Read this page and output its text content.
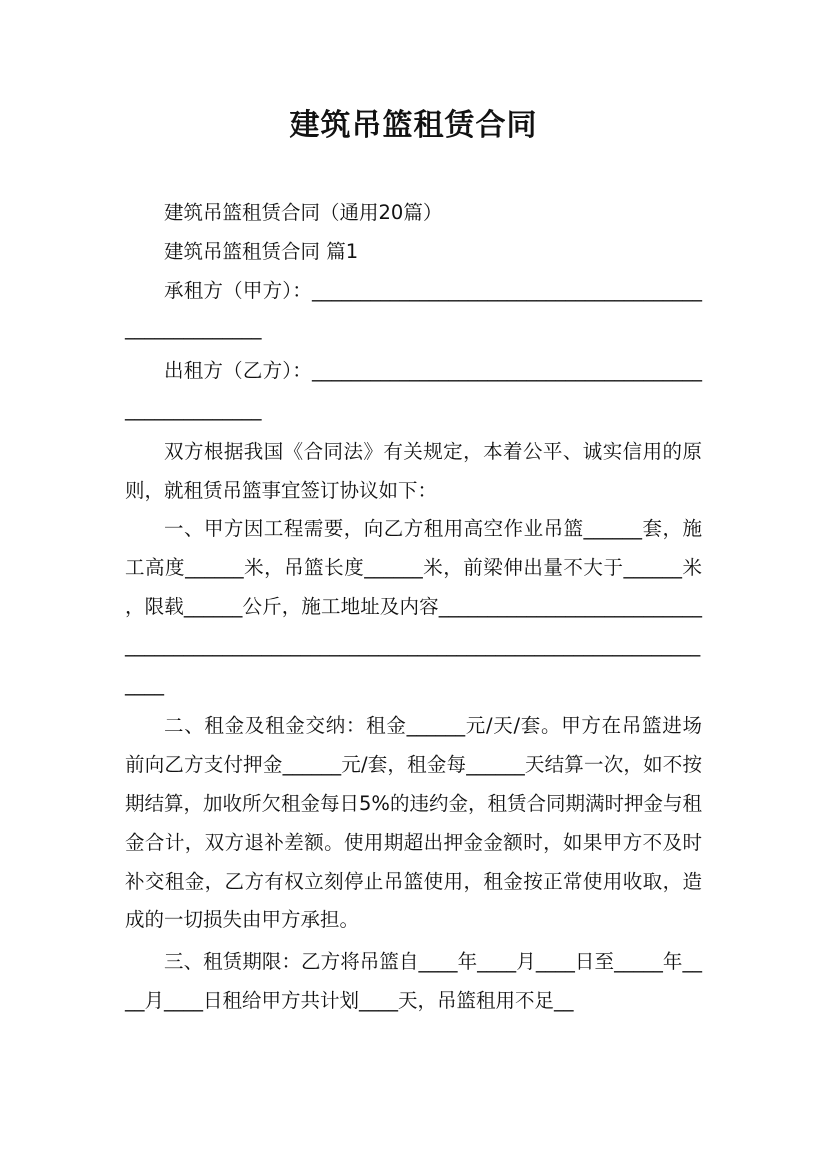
建筑吊篮租赁合同

建筑吊篮租赁合同（通用20篇）

建筑吊篮租赁合同 篇1

承租方（甲方）：______________________________________________________

出租方（乙方）：______________________________________________________

双方根据我国《合同法》有关规定，本着公平、诚实信用的原则，就租赁吊篮事宜签订协议如下：

一、甲方因工程需要，向乙方租用高空作业吊篮______套，施工高度______米，吊篮长度______米，前梁伸出量不大于______米，限载______公斤，施工地址及内容__________________________________________________________________________________________

二、租金及租金交纳：租金______元/天/套。甲方在吊篮进场前向乙方支付押金______元/套，租金每______天结算一次，如不按期结算，加收所欠租金每日5%的违约金，租赁合同期满时押金与租金合计，双方退补差额。使用期超出押金金额时，如果甲方不及时补交租金，乙方有权立刻停止吊篮使用，租金按正常使用收取，造成的一切损失由甲方承担。

三、租赁期限：乙方将吊篮自____年____月____日至_____年____月____日租给甲方共计划____天，吊篮租用不足__
